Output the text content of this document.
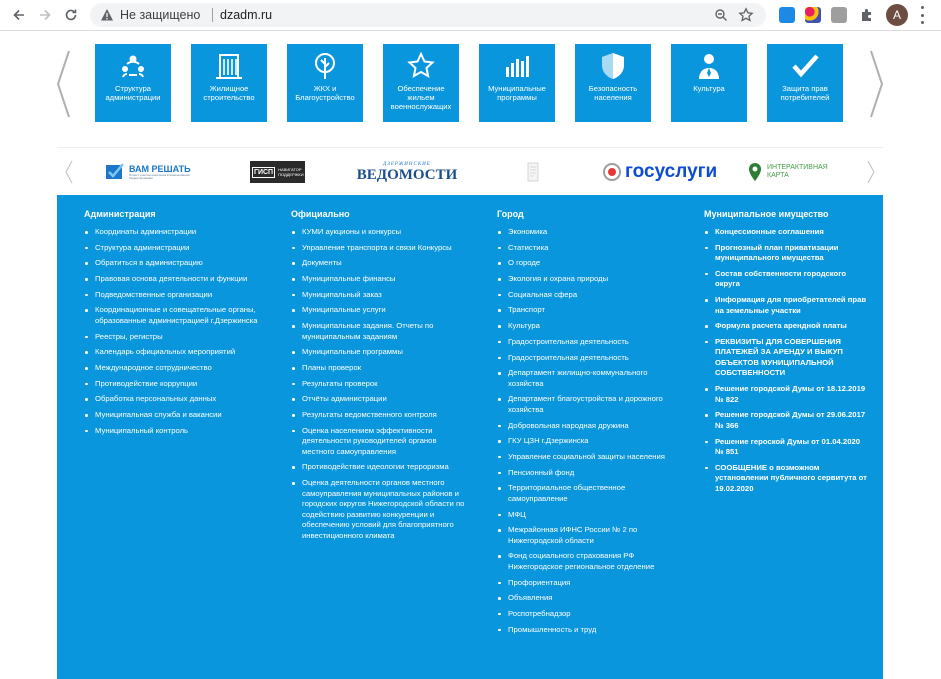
Не защищено dzadm.ru	A
Структура администрации
Жилищное строительство
ЖКХ и Благоустройство
Обеспечение жильем военнослужащих
Муниципальные программы
Безопасность населения
Культура	Защита прав потребителей
ВАМ РЕШАТЬ
Проект участия населения в инициативном бюджетировании
ГИСП	НАВИГАТОР ПОДДЕРЖКИ
ДЗЕРЖИНСКИЕ
ВЕДОМОСТИ	госуслуги	ИНТЕРАКТИВНАЯ КАРТА
Администрация
Координаты администрации
Структура администрации
Обратиться в администрацию
Правовая основа деятельности и функции
Подведомственные организации
Координационные и совещательные органы, образованные администрацией г.Дзержинска
Реестры, регистры
Календарь официальных мероприятий
Международное сотрудничество
Противодействие коррупции
Обработка персональных данных
Муниципальная служба и вакансии
Муниципальный контроль
Официально
КУМИ аукционы и конкурсы
Управление транспорта и связи Конкурсы
Документы
Муниципальные финансы
Муниципальный заказ
Муниципальные услуги
Муниципальные задания. Отчеты по муниципальным заданиям
Муниципальные программы
Планы проверок
Результаты проверок
Отчёты администрации
Результаты ведомственного контроля
Оценка населением эффективности деятельности руководителей органов местного самоуправления
Противодействие идеологии терроризма
Оценка деятельности органов местного самоуправления муниципальных районов и городских округов Нижегородской области по содействию развитию конкуренции и обеспечению условий для благоприятного инвестиционного климата
Город
Экономика
Статистика
О городе
Экология и охрана природы
Социальная сфера
Транспорт
Культура
Градостроительная деятельность
Градостроительная деятельность
Департамент жилищно-коммунального хозяйства
Департамент благоустройства и дорожного хозяйства
Добровольная народная дружина
ГКУ ЦЗН г.Дзержинска
Управление социальной защиты населения
Пенсионный фонд
Территориальное общественное самоуправление
МФЦ
Межрайонная ИФНС России № 2 по Нижегородской области
Фонд социального страхования РФ Нижегородское региональное отделение
Профориентация
Объявления
Роспотребнадзор
Промышленность и труд
Муниципальное имущество
Концессионные соглашения
Прогнозный план приватизации муниципального имущества
Состав собственности городского округа
Информация для приобретателей прав на земельные участки
Формула расчета арендной платы
РЕКВИЗИТЫ ДЛЯ СОВЕРШЕНИЯ ПЛАТЕЖЕЙ ЗА АРЕНДУ И ВЫКУП ОБЪЕКТОВ МУНИЦИПАЛЬНОЙ СОБСТВЕННОСТИ
Решение городской Думы от 18.12.2019 № 822
Решение городской Думы от 29.06.2017 № 366
Решение героской Думы от 01.04.2020 № 851
СООБЩЕНИЕ о возможном установлении публичного сервитута от 19.02.2020
